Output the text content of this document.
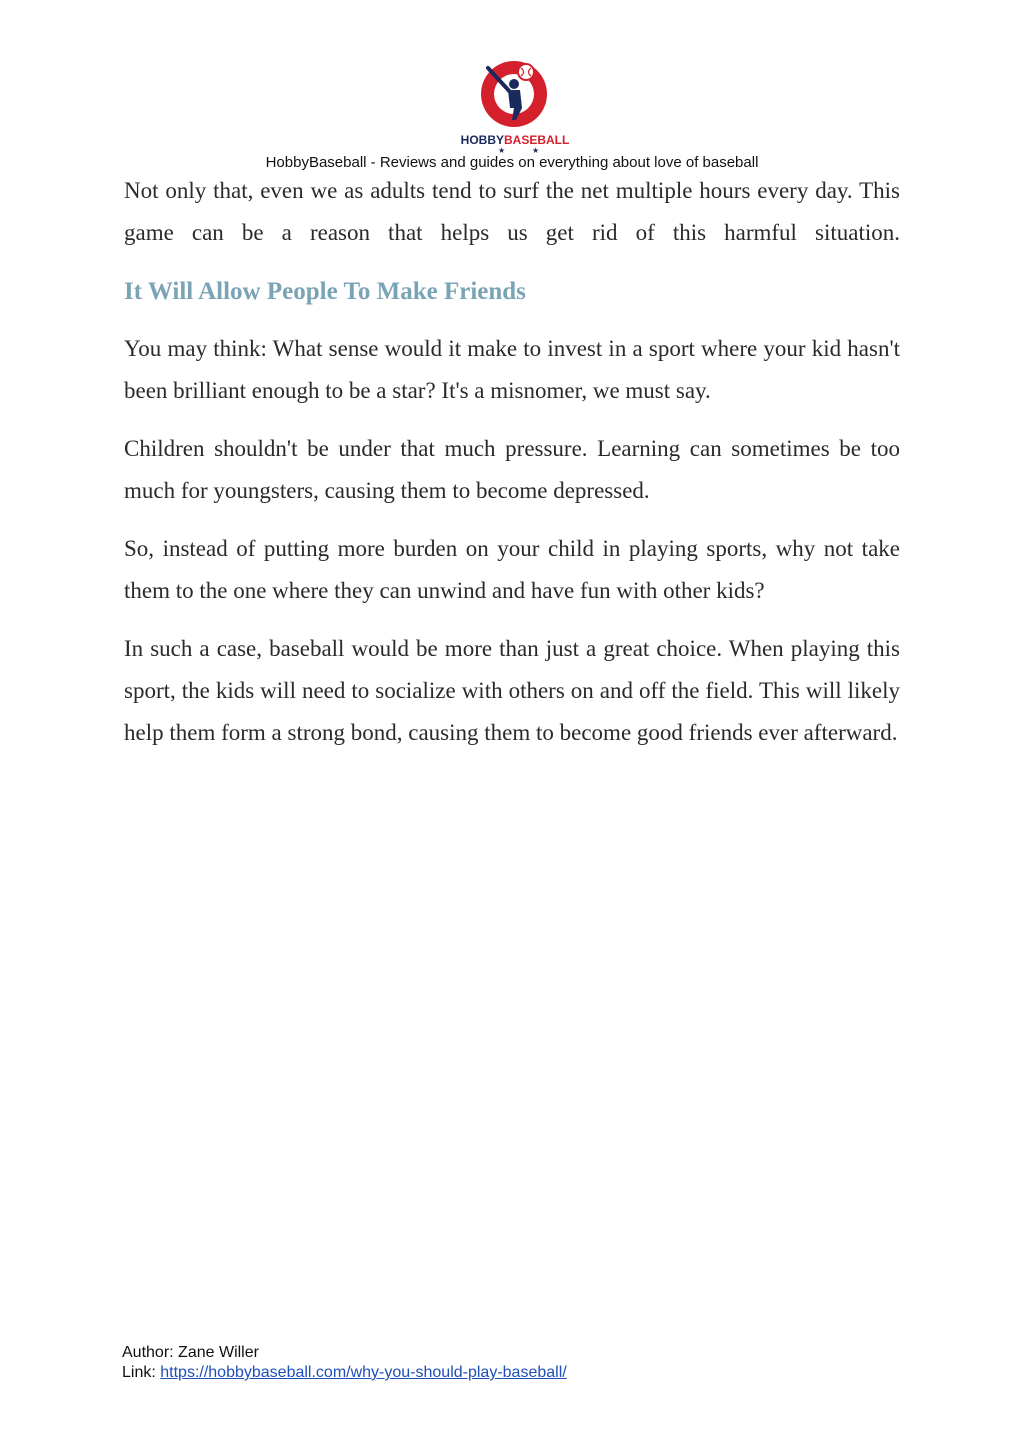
HOBBYBASEBALL
★	★
HobbyBaseball - Reviews and guides on everything about love of baseball

Not only that, even we as adults tend to surf the net multiple hours every day. This game can be a reason that helps us get rid of this harmful situation.

It Will Allow People To Make Friends

You may think: What sense would it make to invest in a sport where your kid hasn't been brilliant enough to be a star? It's a misnomer, we must say.

Children shouldn't be under that much pressure. Learning can sometimes be too much for youngsters, causing them to become depressed.

So, instead of putting more burden on your child in playing sports, why not take them to the one where they can unwind and have fun with other kids?

In such a case, baseball would be more than just a great choice. When playing this sport, the kids will need to socialize with others on and off the field. This will likely help them form a strong bond, causing them to become good friends ever afterward.

Author: Zane Willer
Link: https://hobbybaseball.com/why-you-should-play-baseball/
